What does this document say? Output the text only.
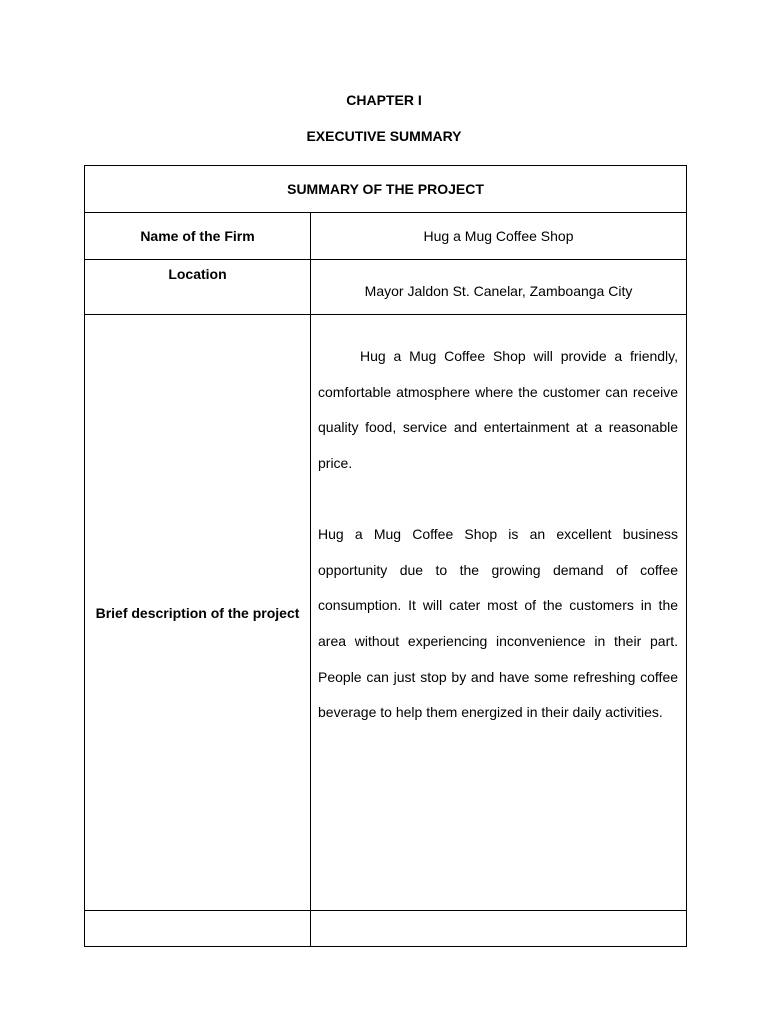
CHAPTER I
EXECUTIVE SUMMARY
SUMMARY OF THE PROJECT	
Name of the Firm	Hug a Mug Coffee Shop
Location	Mayor Jaldon St. Canelar, Zamboanga City
Brief description of the project	Hug a Mug Coffee Shop will provide a friendly, comfortable atmosphere where the customer can receive quality food, service and entertainment at a reasonable price.

Hug a Mug Coffee Shop is an excellent business opportunity due to the growing demand of coffee consumption. It will cater most of the customers in the area without experiencing inconvenience in their part. People can just stop by and have some refreshing coffee beverage to help them energized in their daily activities.
